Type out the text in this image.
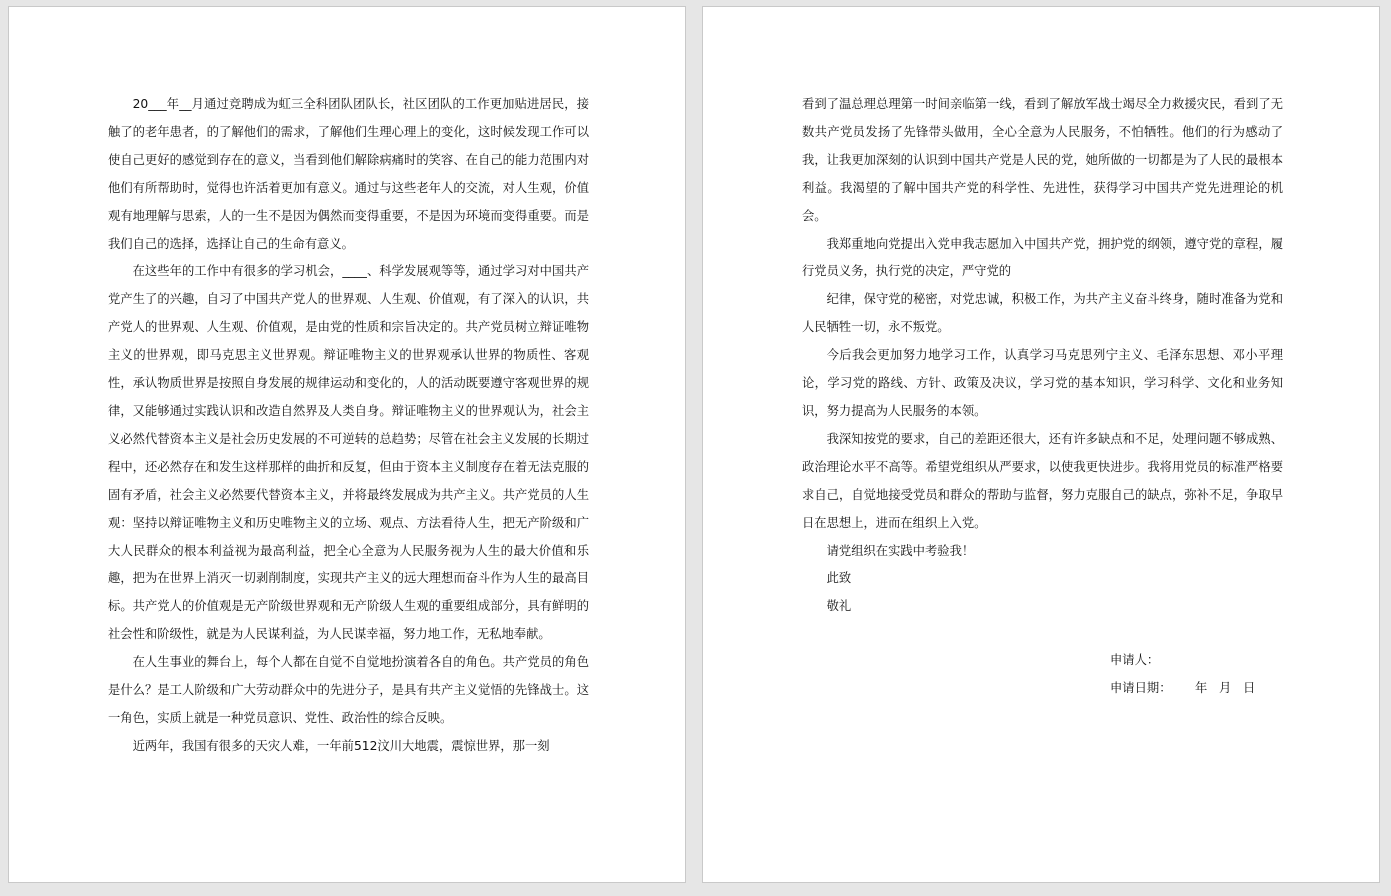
20___年__月通过竞聘成为虹三全科团队团队长，社区团队的工作更加贴进居民，接触了的老年患者，的了解他们的需求，了解他们生理心理上的变化，这时候发现工作可以使自己更好的感觉到存在的意义，当看到他们解除病痛时的笑容、在自己的能力范围内对他们有所帮助时，觉得也许活着更加有意义。通过与这些老年人的交流，对人生观，价值观有地理解与思索，人的一生不是因为偶然而变得重要，不是因为环境而变得重要。而是我们自己的选择，选择让自己的生命有意义。

在这些年的工作中有很多的学习机会，____、科学发展观等等，通过学习对中国共产党产生了的兴趣，自习了中国共产党人的世界观、人生观、价值观，有了深入的认识，共产党人的世界观、人生观、价值观，是由党的性质和宗旨决定的。共产党员树立辩证唯物主义的世界观，即马克思主义世界观。辩证唯物主义的世界观承认世界的物质性、客观性，承认物质世界是按照自身发展的规律运动和变化的，人的活动既要遵守客观世界的规律，又能够通过实践认识和改造自然界及人类自身。辩证唯物主义的世界观认为，社会主义必然代替资本主义是社会历史发展的不可逆转的总趋势；尽管在社会主义发展的长期过程中，还必然存在和发生这样那样的曲折和反复，但由于资本主义制度存在着无法克服的固有矛盾，社会主义必然要代替资本主义，并将最终发展成为共产主义。共产党员的人生观：坚持以辩证唯物主义和历史唯物主义的立场、观点、方法看待人生，把无产阶级和广大人民群众的根本利益视为最高利益，把全心全意为人民服务视为人生的最大价值和乐趣，把为在世界上消灭一切剥削制度，实现共产主义的远大理想而奋斗作为人生的最高目标。共产党人的价值观是无产阶级世界观和无产阶级人生观的重要组成部分，具有鲜明的社会性和阶级性，就是为人民谋利益，为人民谋幸福，努力地工作，无私地奉献。

在人生事业的舞台上，每个人都在自觉不自觉地扮演着各自的角色。共产党员的角色是什么？是工人阶级和广大劳动群众中的先进分子，是具有共产主义觉悟的先锋战士。这一角色，实质上就是一种党员意识、党性、政治性的综合反映。

近两年，我国有很多的天灾人难，一年前512汶川大地震，震惊世界，那一刻

看到了温总理总理第一时间亲临第一线，看到了解放军战士竭尽全力救援灾民，看到了无数共产党员发扬了先锋带头做用，全心全意为人民服务，不怕牺牲。他们的行为感动了我，让我更加深刻的认识到中国共产党是人民的党，她所做的一切都是为了人民的最根本利益。我渴望的了解中国共产党的科学性、先进性，获得学习中国共产党先进理论的机会。

我郑重地向党提出入党申我志愿加入中国共产党，拥护党的纲领，遵守党的章程，履行党员义务，执行党的决定，严守党的

纪律，保守党的秘密，对党忠诚，积极工作，为共产主义奋斗终身，随时准备为党和人民牺牲一切，永不叛党。

今后我会更加努力地学习工作，认真学习马克思列宁主义、毛泽东思想、邓小平理论，学习党的路线、方针、政策及决议，学习党的基本知识，学习科学、文化和业务知识，努力提高为人民服务的本领。

我深知按党的要求，自己的差距还很大，还有许多缺点和不足，处理问题不够成熟、政治理论水平不高等。希望党组织从严要求，以使我更快进步。我将用党员的标准严格要求自己，自觉地接受党员和群众的帮助与监督，努力克服自己的缺点，弥补不足，争取早日在思想上，进而在组织上入党。

请党组织在实践中考验我！
此致
敬礼
申请人：
申请日期：      年   月   日
